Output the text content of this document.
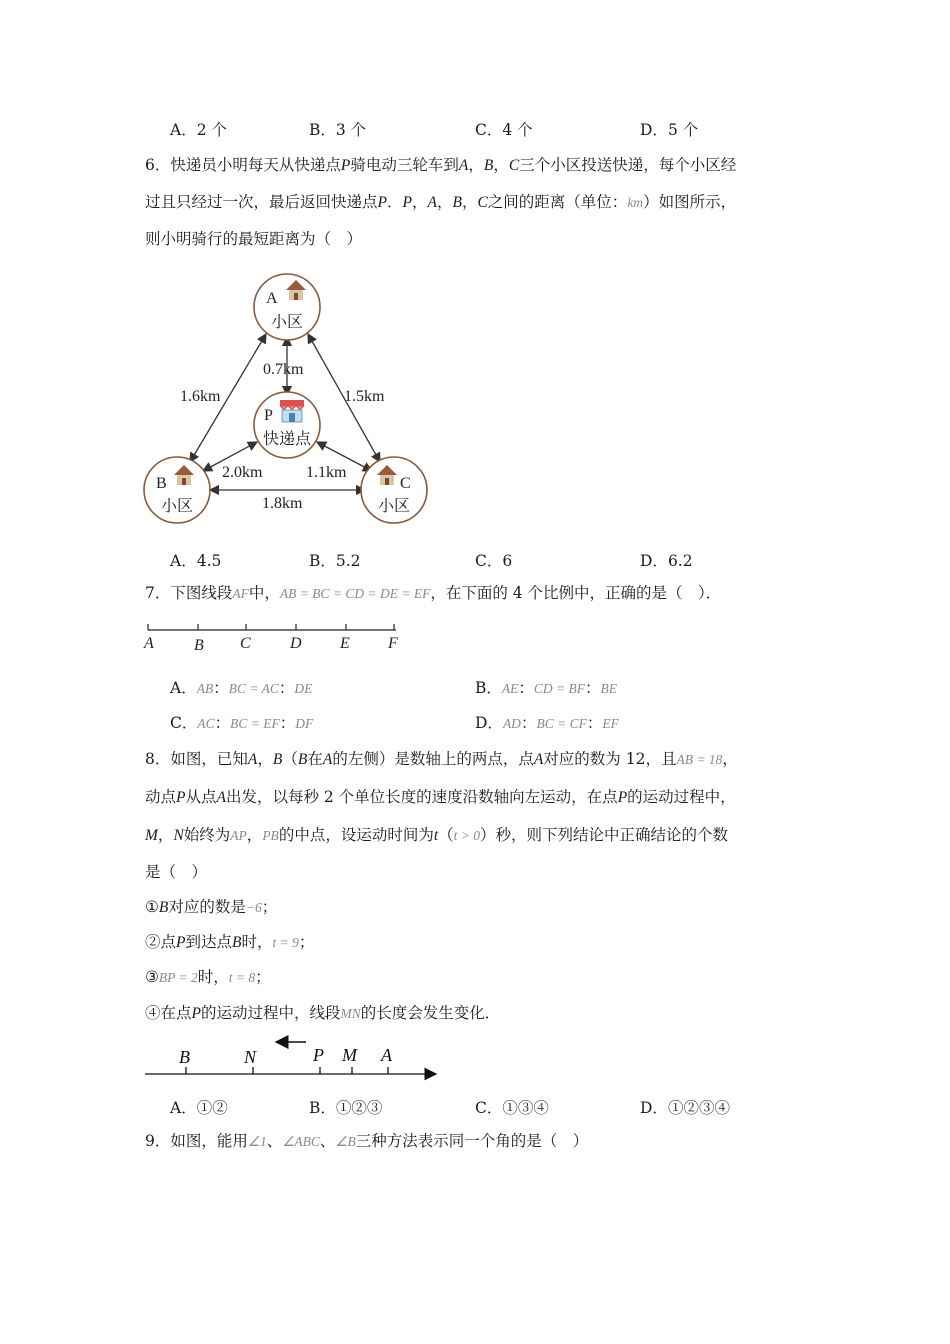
A．2 个	B．3 个	C．4 个	D．5 个
6．快递员小明每天从快递点P骑电动三轮车到A，B，C三个小区投送快递，每个小区经
过且只经过一次，最后返回快递点P．P，A，B，C之间的距离（单位：km）如图所示，
则小明骑行的最短距离为（　）
A
小区
P
快递点
B
小区
C
小区
0.7km
1.6km	1.5km
2.0km	1.1km
1.8km
A．4.5	B．5.2	C．6	D．6.2
7．下图线段AF中，AB = BC = CD = DE = EF，在下面的 4 个比例中，正确的是（　）．
A	B C D E F
A．AB：BC = AC：DE	B．AE：CD = BF：BE
C．AC：BC = EF：DF	D．AD：BC = CF：EF
8．如图，已知A，B（B在A的左侧）是数轴上的两点，点A对应的数为 12，且AB = 18，
动点P从点A出发，以每秒 2 个单位长度的速度沿数轴向左运动，在点P的运动过程中，
M，N始终为AP，PB的中点，设运动时间为t（t > 0）秒，则下列结论中正确结论的个数
是（　）
①B对应的数是−6；
②点P到达点B时，t = 9；
③BP = 2时，t = 8；
④在点P的运动过程中，线段MN的长度会发生变化．
B	N	P M A
A．①②	B．①②③	C．①③④	D．①②③④
9．如图，能用∠1、∠ABC、∠B三种方法表示同一个角的是（　）
